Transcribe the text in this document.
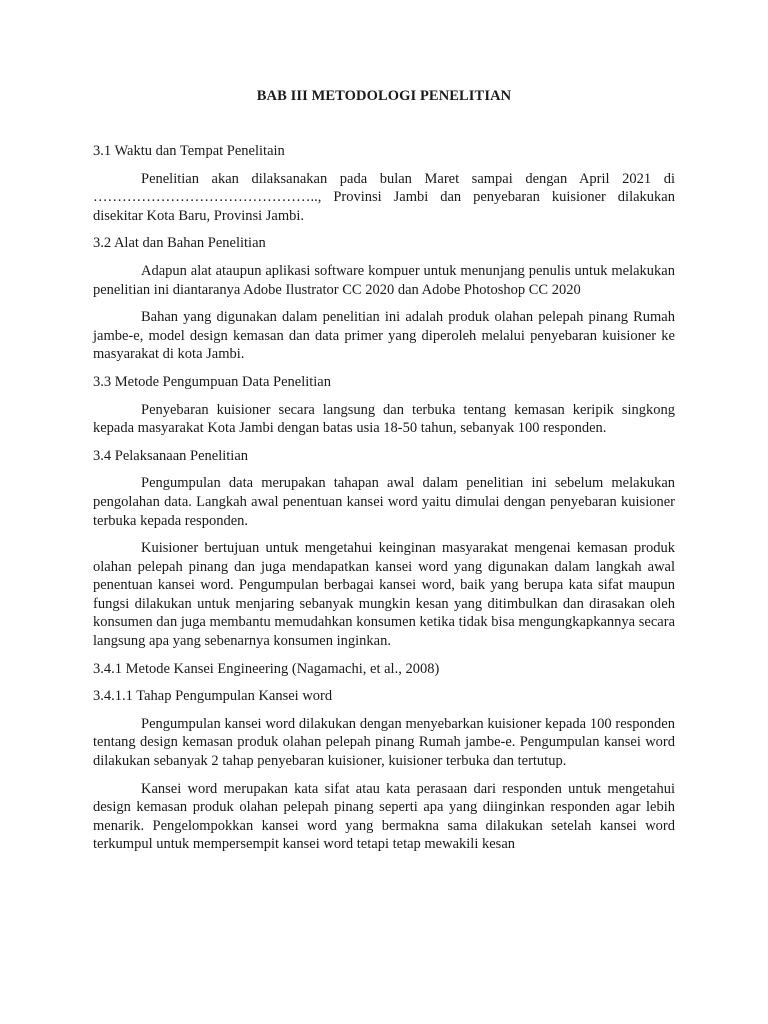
BAB III METODOLOGI PENELITIAN
3.1 Waktu dan Tempat Penelitain

Penelitian akan dilaksanakan pada bulan Maret sampai dengan April 2021 di ……………………………………….., Provinsi Jambi dan penyebaran kuisioner dilakukan disekitar Kota Baru, Provinsi Jambi.

3.2 Alat dan Bahan Penelitian

Adapun alat ataupun aplikasi software kompuer untuk menunjang penulis untuk melakukan penelitian ini diantaranya Adobe Ilustrator CC 2020 dan Adobe Photoshop CC 2020

Bahan yang digunakan dalam penelitian ini adalah produk olahan pelepah pinang Rumah jambe-e, model design kemasan dan data primer yang diperoleh melalui penyebaran kuisioner ke masyarakat di kota Jambi.

3.3 Metode Pengumpuan Data Penelitian

Penyebaran kuisioner secara langsung dan terbuka tentang kemasan keripik singkong kepada masyarakat Kota Jambi dengan batas usia 18-50 tahun, sebanyak 100 responden.

3.4 Pelaksanaan Penelitian

Pengumpulan data merupakan tahapan awal dalam penelitian ini sebelum melakukan pengolahan data. Langkah awal penentuan kansei word yaitu dimulai dengan penyebaran kuisioner terbuka kepada responden.

Kuisioner bertujuan untuk mengetahui keinginan masyarakat mengenai kemasan produk olahan pelepah pinang dan juga mendapatkan kansei word yang digunakan dalam langkah awal penentuan kansei word. Pengumpulan berbagai kansei word, baik yang berupa kata sifat maupun fungsi dilakukan untuk menjaring sebanyak mungkin kesan yang ditimbulkan dan dirasakan oleh konsumen dan juga membantu memudahkan konsumen ketika tidak bisa mengungkapkannya secara langsung apa yang sebenarnya konsumen inginkan.

3.4.1 Metode Kansei Engineering (Nagamachi, et al., 2008)
3.4.1.1 Tahap Pengumpulan Kansei word

Pengumpulan kansei word dilakukan dengan menyebarkan kuisioner kepada 100 responden tentang design kemasan produk olahan pelepah pinang Rumah jambe-e. Pengumpulan kansei word dilakukan sebanyak 2 tahap penyebaran kuisioner, kuisioner terbuka dan tertutup.

Kansei word merupakan kata sifat atau kata perasaan dari responden untuk mengetahui design kemasan produk olahan pelepah pinang seperti apa yang diinginkan responden agar lebih menarik. Pengelompokkan kansei word yang bermakna sama dilakukan setelah kansei word terkumpul untuk mempersempit kansei word tetapi tetap mewakili kesan
